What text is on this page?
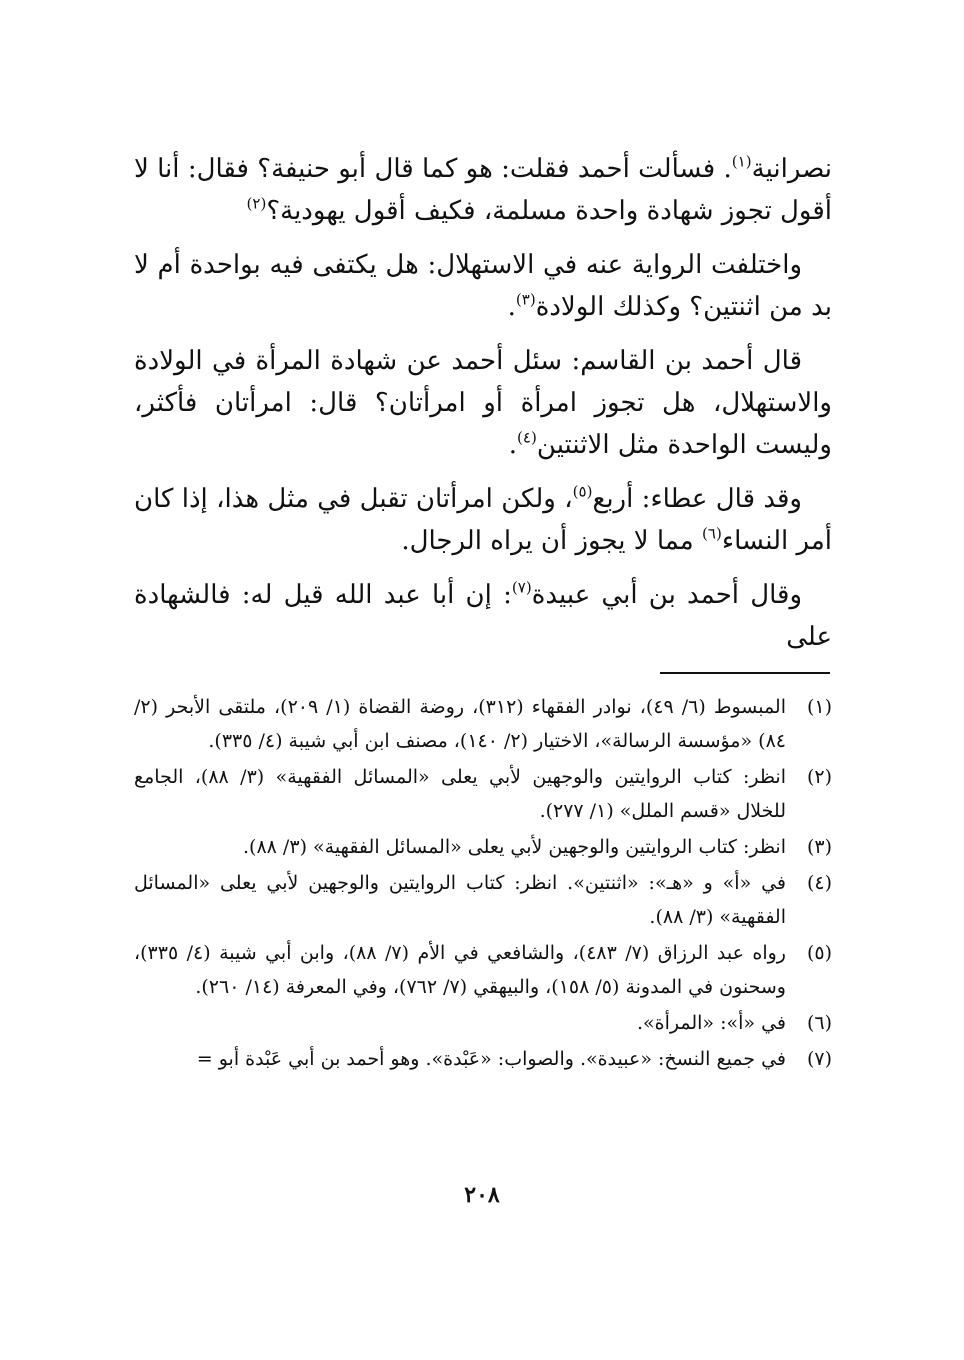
نصرانية$^{(١)}$. فسألت أحمد فقلت: هو كما قال أبو حنيفة؟ فقال: أنا لا أقول تجوز شهادة واحدة مسلمة، فكيف أقول يهودية؟$^{(٢)}$

واختلفت الرواية عنه في الاستهلال: هل يكتفى فيه بواحدة أم لا بد من اثنتين؟ وكذلك الولادة$^{(٣)}$.

قال أحمد بن القاسم: سئل أحمد عن شهادة المرأة في الولادة والاستهلال، هل تجوز امرأة أو امرأتان؟ قال: امرأتان فأكثر، وليست الواحدة مثل الاثنتين$^{(٤)}$.

وقد قال عطاء: أربع$^{(٥)}$، ولكن امرأتان تقبل في مثل هذا، إذا كان أمر النساء$^{(٦)}$ مما لا يجوز أن يراه الرجال.

وقال أحمد بن أبي عبيدة$^{(٧)}$: إن أبا عبد الله قيل له: فالشهادة على

(١)
المبسوط (٦/ ٤٩)، نوادر الفقهاء (٣١٢)، روضة القضاة (١/ ٢٠٩)، ملتقى الأبحر (٢/ ٨٤) «مؤسسة الرسالة»، الاختيار (٢/ ١٤٠)، مصنف ابن أبي شيبة (٤/ ٣٣٥).
(٢)
انظر: كتاب الروايتين والوجهين لأبي يعلى «المسائل الفقهية» (٣/ ٨٨)، الجامع للخلال «قسم الملل» (١/ ٢٧٧).
(٣)
انظر: كتاب الروايتين والوجهين لأبي يعلى «المسائل الفقهية» (٣/ ٨٨).
(٤)
في «أ» و «هـ»: «اثنتين». انظر: كتاب الروايتين والوجهين لأبي يعلى «المسائل الفقهية» (٣/ ٨٨).
(٥)
رواه عبد الرزاق (٧/ ٤٨٣)، والشافعي في الأم (٧/ ٨٨)، وابن أبي شيبة (٤/ ٣٣٥)، وسحنون في المدونة (٥/ ١٥٨)، والبيهقي (٧/ ٧٦٢)، وفي المعرفة (١٤/ ٢٦٠).
(٦)
في «أ»: «المرأة».
(٧)
في جميع النسخ: «عبيدة». والصواب: «عَبْدة». وهو أحمد بن أبي عَبْدة أبو =
٢٠٨
